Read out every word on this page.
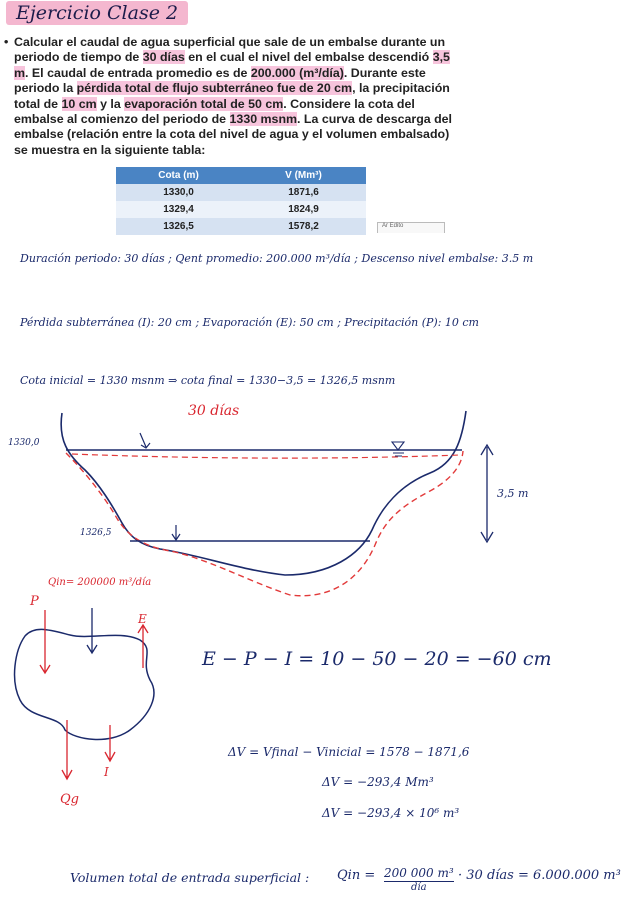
Ejercicio Clase 2
• Calcular el caudal de agua superficial que sale de un embalse durante un periodo de tiempo de 30 días en el cual el nivel del embalse descendió 3,5 m. El caudal de entrada promedio es de 200.000 (m³/día). Durante este periodo la pérdida total de flujo subterráneo fue de 20 cm, la precipitación total de 10 cm y la evaporación total de 50 cm. Considere la cota del embalse al comienzo del periodo de 1330 msnm. La curva de descarga del embalse (relación entre la cota del nivel de agua y el volumen embalsado) se muestra en la siguiente tabla:
Cota (m)	V (Mm³)
1330,0	1871,6
1329,4	1824,9
1326,5	1578,2	Ar Edito
Duración periodo: 30 días ; Qent promedio: 200.000 m³/día ; Descenso nivel embalse: 3.5 m
Pérdida subterránea (I): 20 cm ; Evaporación (E): 50 cm ; Precipitación (P): 10 cm
Cota inicial = 1330 msnm ⇒ cota final = 1330−3,5 = 1326,5 msnm
30 días
1330,0
1326,5
3,5 m
Qin= 200000 m³/día
P
E
I
Qg
E − P − I = 10 − 50 − 20 = −60 cm
ΔV = Vfinal − Vinicial = 1578 − 1871,6
ΔV = −293,4 Mm³
ΔV = −293,4 × 10⁶ m³
Volumen total de entrada superficial : Qin = 200 000 m³
día
· 30 días = 6.000.000 m³
